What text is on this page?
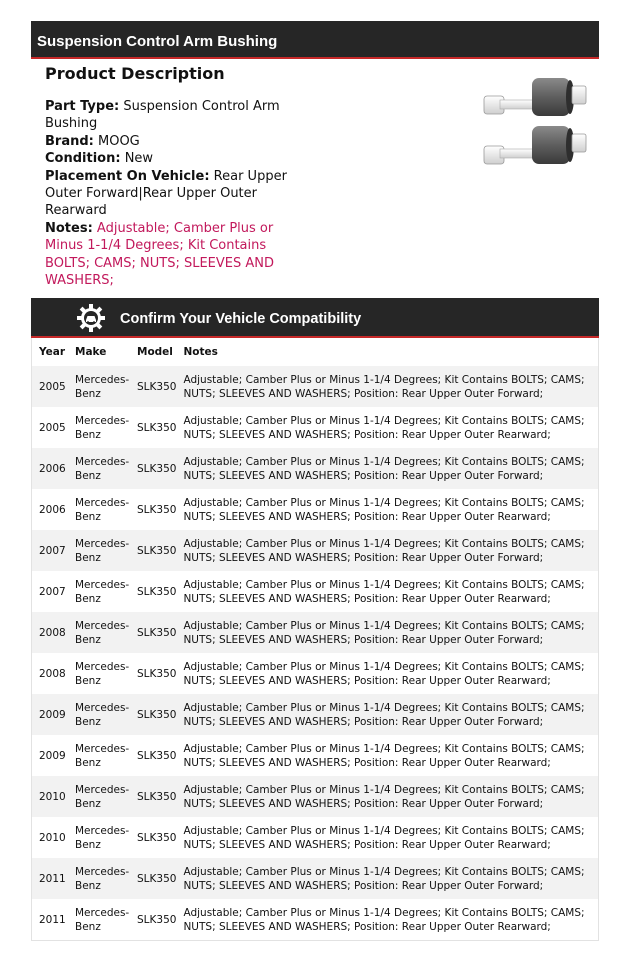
Suspension Control Arm Bushing
Product Description
Part Type: Suspension Control Arm Bushing
Brand: MOOG
Condition: New
Placement On Vehicle: Rear Upper Outer Forward|Rear Upper Outer Rearward
Notes: Adjustable; Camber Plus or Minus 1-1/4 Degrees; Kit Contains BOLTS; CAMS; NUTS; SLEEVES AND WASHERS;
Confirm Your Vehicle Compatibility
Year	Make	Model	Notes
2005	Mercedes-Benz	SLK350	Adjustable; Camber Plus or Minus 1-1/4 Degrees; Kit Contains BOLTS; CAMS; NUTS; SLEEVES AND WASHERS; Position: Rear Upper Outer Forward;
2005	Mercedes-Benz	SLK350	Adjustable; Camber Plus or Minus 1-1/4 Degrees; Kit Contains BOLTS; CAMS; NUTS; SLEEVES AND WASHERS; Position: Rear Upper Outer Rearward;
2006	Mercedes-Benz	SLK350	Adjustable; Camber Plus or Minus 1-1/4 Degrees; Kit Contains BOLTS; CAMS; NUTS; SLEEVES AND WASHERS; Position: Rear Upper Outer Forward;
2006	Mercedes-Benz	SLK350	Adjustable; Camber Plus or Minus 1-1/4 Degrees; Kit Contains BOLTS; CAMS; NUTS; SLEEVES AND WASHERS; Position: Rear Upper Outer Rearward;
2007	Mercedes-Benz	SLK350	Adjustable; Camber Plus or Minus 1-1/4 Degrees; Kit Contains BOLTS; CAMS; NUTS; SLEEVES AND WASHERS; Position: Rear Upper Outer Forward;
2007	Mercedes-Benz	SLK350	Adjustable; Camber Plus or Minus 1-1/4 Degrees; Kit Contains BOLTS; CAMS; NUTS; SLEEVES AND WASHERS; Position: Rear Upper Outer Rearward;
2008	Mercedes-Benz	SLK350	Adjustable; Camber Plus or Minus 1-1/4 Degrees; Kit Contains BOLTS; CAMS; NUTS; SLEEVES AND WASHERS; Position: Rear Upper Outer Forward;
2008	Mercedes-Benz	SLK350	Adjustable; Camber Plus or Minus 1-1/4 Degrees; Kit Contains BOLTS; CAMS; NUTS; SLEEVES AND WASHERS; Position: Rear Upper Outer Rearward;
2009	Mercedes-Benz	SLK350	Adjustable; Camber Plus or Minus 1-1/4 Degrees; Kit Contains BOLTS; CAMS; NUTS; SLEEVES AND WASHERS; Position: Rear Upper Outer Forward;
2009	Mercedes-Benz	SLK350	Adjustable; Camber Plus or Minus 1-1/4 Degrees; Kit Contains BOLTS; CAMS; NUTS; SLEEVES AND WASHERS; Position: Rear Upper Outer Rearward;
2010	Mercedes-Benz	SLK350	Adjustable; Camber Plus or Minus 1-1/4 Degrees; Kit Contains BOLTS; CAMS; NUTS; SLEEVES AND WASHERS; Position: Rear Upper Outer Forward;
2010	Mercedes-Benz	SLK350	Adjustable; Camber Plus or Minus 1-1/4 Degrees; Kit Contains BOLTS; CAMS; NUTS; SLEEVES AND WASHERS; Position: Rear Upper Outer Rearward;
2011	Mercedes-Benz	SLK350	Adjustable; Camber Plus or Minus 1-1/4 Degrees; Kit Contains BOLTS; CAMS; NUTS; SLEEVES AND WASHERS; Position: Rear Upper Outer Forward;
2011	Mercedes-Benz	SLK350	Adjustable; Camber Plus or Minus 1-1/4 Degrees; Kit Contains BOLTS; CAMS; NUTS; SLEEVES AND WASHERS; Position: Rear Upper Outer Rearward;
